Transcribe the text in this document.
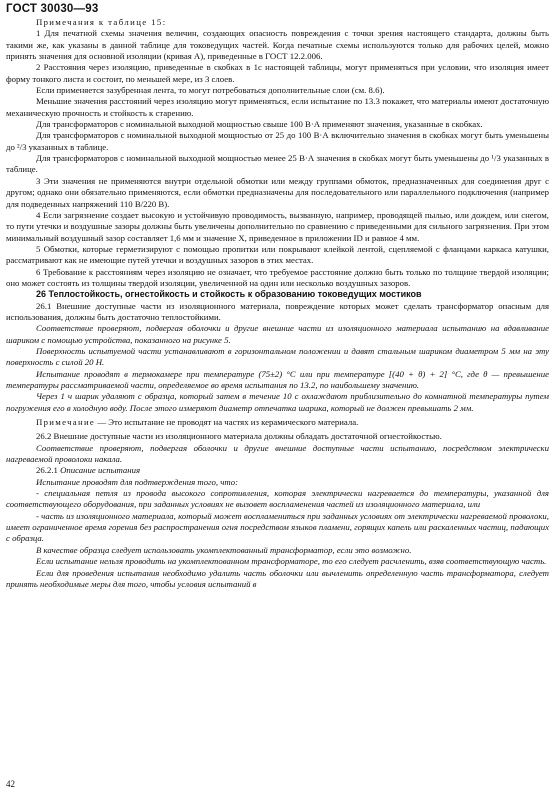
ГОСТ 30030—93

Примечания к таблице 15:

1 Для печатной схемы значения величин, создающих опасность повреждения с точки зрения настоящего стандарта, должны быть такими же, как указаны в данной таблице для токоведущих частей. Когда печатные схемы используются только для рабочих целей, можно принять значения для основной изоляции (кривая А), приведенные в ГОСТ 12.2.006.

2 Расстояния через изоляцию, приведенные в скобках в 1с настоящей таблицы, могут применяться при условии, что изоляция имеет форму тонкого листа и состоит, по меньшей мере, из 3 слоев.

Если применяется зазубренная лента, то могут потребоваться дополнительные слои (см. 8.6).

Меньшие значения расстояний через изоляцию могут применяться, если испытание по 13.3 покажет, что материалы имеют достаточную механическую прочность и стойкость к старению.

Для трансформаторов с номинальной выходной мощностью свыше 100 В·А применяют значения, указанные в скобках.

Для трансформаторов с номинальной выходной мощностью от 25 до 100 В·А включительно значения в скобках могут быть уменьшены до ²/3 указанных в таблице.

Для трансформаторов с номинальной выходной мощностью менее 25 В·А значения в скобках могут быть уменьшены до ¹/3 указанных в таблице.

3 Эти значения не применяются внутри отдельной обмотки или между группами обмоток, предназначенных для соединения друг с другом; однако они обязательно применяются, если обмотки предназначены для последовательного или параллельного подключения (например для подведенных напряжений 110 В/220 В).

4 Если загрязнение создает высокую и устойчивую проводимость, вызванную, например, проводящей пылью, или дождем, или снегом, то пути утечки и воздушные зазоры должны быть увеличены дополнительно по сравнению с приведенными для сильного загрязнения. При этом минимальный воздушный зазор составляет 1,6 мм и значение X, приведенное в приложении ID и равное 4 мм.

5 Обмотки, которые герметизируют с помощью пропитки или покрывают клейкой лентой, сцепляемой с фланцами каркаса катушки, рассматривают как не имеющие путей утечки и воздушных зазоров в этих местах.

6 Требование к расстояниям через изоляцию не означает, что требуемое расстояние должно быть только по толщине твердой изоляции; оно может состоять из толщины твердой изоляции, увеличенной на один или несколько воздушных зазоров.

26 Теплостойкость, огнестойкость и стойкость к образованию токоведущих мостиков

26.1 Внешние доступные части из изоляционного материала, повреждение которых может сделать трансформатор опасным для использования, должны быть достаточно теплостойкими.

Соответствие проверяют, подвергая оболочки и другие внешние части из изоляционного материала испытанию на вдавливание шариком с помощью устройства, показанного на рисунке 5.

Поверхность испытуемой части устанавливают в горизонтальном положении и давят стальным шариком диаметром 5 мм на эту поверхность с силой 20 Н.

Испытание проводят в термокамере при температуре (75±2) °С или при температуре [(40 + θ) + 2] °С, где θ — превышение температуры рассматриваемой части, определяемое во время испытания по 13.2, по наибольшему значению.

Через 1 ч шарик удаляют с образца, который затем в течение 10 с охлаждают приблизительно до комнатной температуры путем погружения его в холодную воду. После этого измеряют диаметр отпечатка шарика, который не должен превышать 2 мм.

Примечание — Это испытание не проводят на частях из керамического материала.

26.2 Внешние доступные части из изоляционного материала должны обладать достаточной огнестойкостью.

Соответствие проверяют, подвергая оболочки и другие внешние доступные части испытанию, посредством электрически нагреваемой проволоки накала.

26.2.1 Описание испытания

Испытание проводят для подтверждения того, что:

- специальная петля из провода высокого сопротивления, которая электрически нагревается до температуры, указанной для соответствующего оборудования, при заданных условиях не вызовет воспламенения частей из изоляционного материала, или

- часть из изоляционного материала, который может воспламениться при заданных условиях от электрически нагреваемой проволоки, имеет ограниченное время горения без распространения огня посредством языков пламени, горящих капель или раскаленных частиц, падающих с образца.

В качестве образца следует использовать укомплектованный трансформатор, если это возможно.

Если испытание нельзя проводить на укомплектованном трансформаторе, то его следует расчленить, взяв соответствующую часть.

Если для проведения испытания необходимо удалить часть оболочки или вычленить определенную часть трансформатора, следует принять необходимые меры для того, чтобы условия испытаний в

42
